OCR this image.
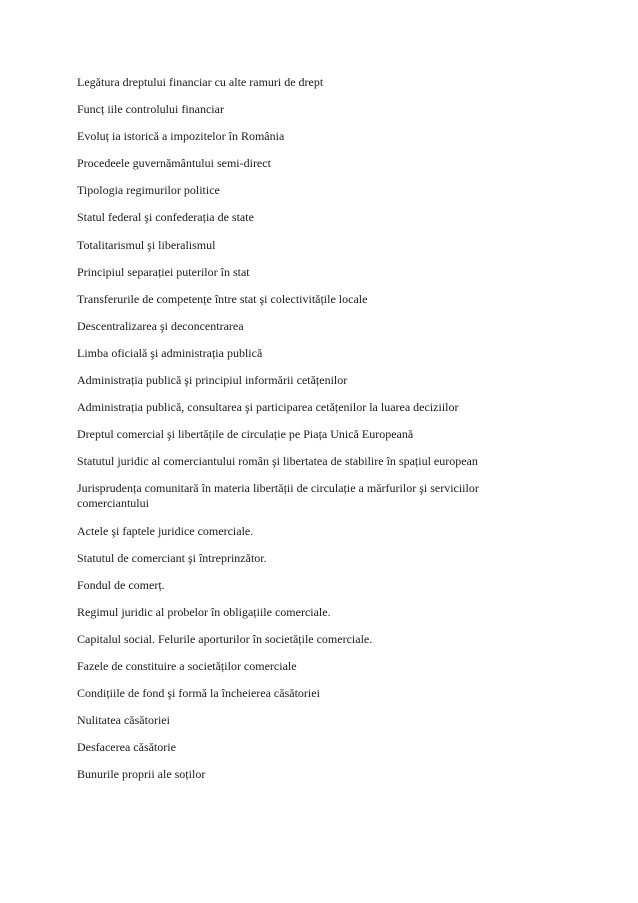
Legătura dreptului financiar cu alte ramuri de drept
Funcț iile controlului financiar
Evoluț ia istorică a impozitelor în România
Procedeele guvernământului semi-direct
Tipologia regimurilor politice
Statul federal şi confederația de state
Totalitarismul şi liberalismul
Principiul separației puterilor în stat
Transferurile de competențe între stat şi colectivitățile locale
Descentralizarea şi deconcentrarea
Limba oficială şi administrația publică
Administrația publică şi principiul informării cetățenilor
Administrația publică, consultarea şi participarea cetățenilor la luarea deciziilor
Dreptul comercial şi libertățile de circulație pe Piața Unică Europeană
Statutul juridic al comerciantului român şi libertatea de stabilire în spațiul european
Jurisprudența comunitară în materia libertății de circulație a mărfurilor şi serviciilor comerciantului
Actele şi faptele juridice comerciale.
Statutul de comerciant şi întreprinzător.
Fondul de comerț.
Regimul juridic al probelor în obligațiile comerciale.
Capitalul social. Felurile aporturilor în societățile comerciale.
Fazele de constituire a societăților comerciale
Condițiile de fond şi formă la încheierea căsătoriei
Nulitatea căsătoriei
Desfacerea căsătorie
Bunurile proprii ale soților
